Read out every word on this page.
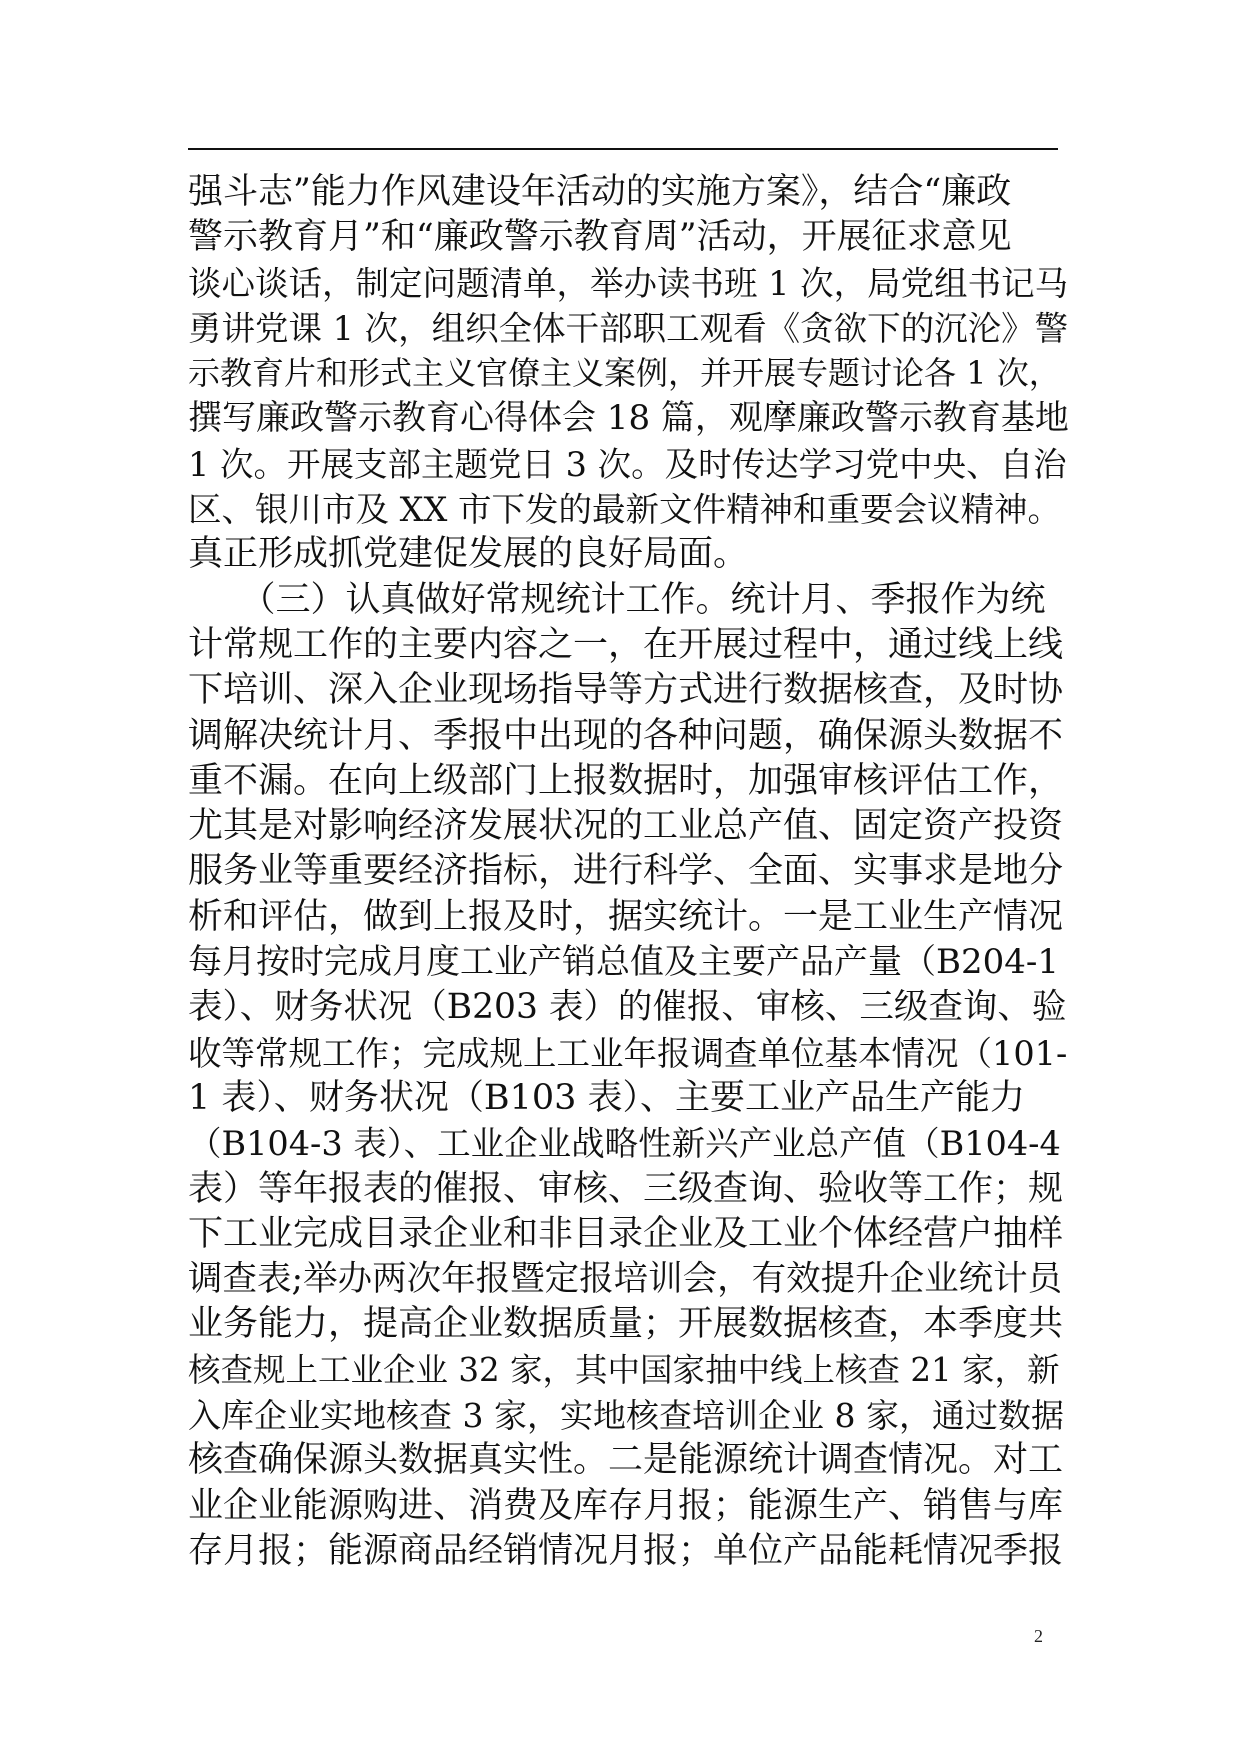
强斗志”能力作风建设年活动的实施方案》，结合“廉政
警示教育月”和“廉政警示教育周”活动，开展征求意见
谈心谈话，制定问题清单，举办读书班 1 次，局党组书记马
勇讲党课 1 次，组织全体干部职工观看《贪欲下的沉沦》警
示教育片和形式主义官僚主义案例，并开展专题讨论各 1 次，
撰写廉政警示教育心得体会 18 篇，观摩廉政警示教育基地
1 次。开展支部主题党日 3 次。及时传达学习党中央、自治
区、银川市及 XX 市下发的最新文件精神和重要会议精神。
真正形成抓党建促发展的良好局面。
　　（三）认真做好常规统计工作。统计月、季报作为统
计常规工作的主要内容之一，在开展过程中，通过线上线
下培训、深入企业现场指导等方式进行数据核查，及时协
调解决统计月、季报中出现的各种问题，确保源头数据不
重不漏。在向上级部门上报数据时，加强审核评估工作，
尤其是对影响经济发展状况的工业总产值、固定资产投资
服务业等重要经济指标，进行科学、全面、实事求是地分
析和评估，做到上报及时，据实统计。一是工业生产情况
每月按时完成月度工业产销总值及主要产品产量（B204-1
表）、财务状况（B203 表）的催报、审核、三级查询、验
收等常规工作；完成规上工业年报调查单位基本情况（101-
1 表）、财务状况（B103 表）、主要工业产品生产能力
（B104-3 表）、工业企业战略性新兴产业总产值（B104-4
表）等年报表的催报、审核、三级查询、验收等工作；规
下工业完成目录企业和非目录企业及工业个体经营户抽样
调查表;举办两次年报暨定报培训会，有效提升企业统计员
业务能力，提高企业数据质量；开展数据核查，本季度共
核查规上工业企业 32 家，其中国家抽中线上核查 21 家，新
入库企业实地核查 3 家，实地核查培训企业 8 家，通过数据
核查确保源头数据真实性。二是能源统计调查情况。对工
业企业能源购进、消费及库存月报；能源生产、销售与库
存月报；能源商品经销情况月报；单位产品能耗情况季报
2
